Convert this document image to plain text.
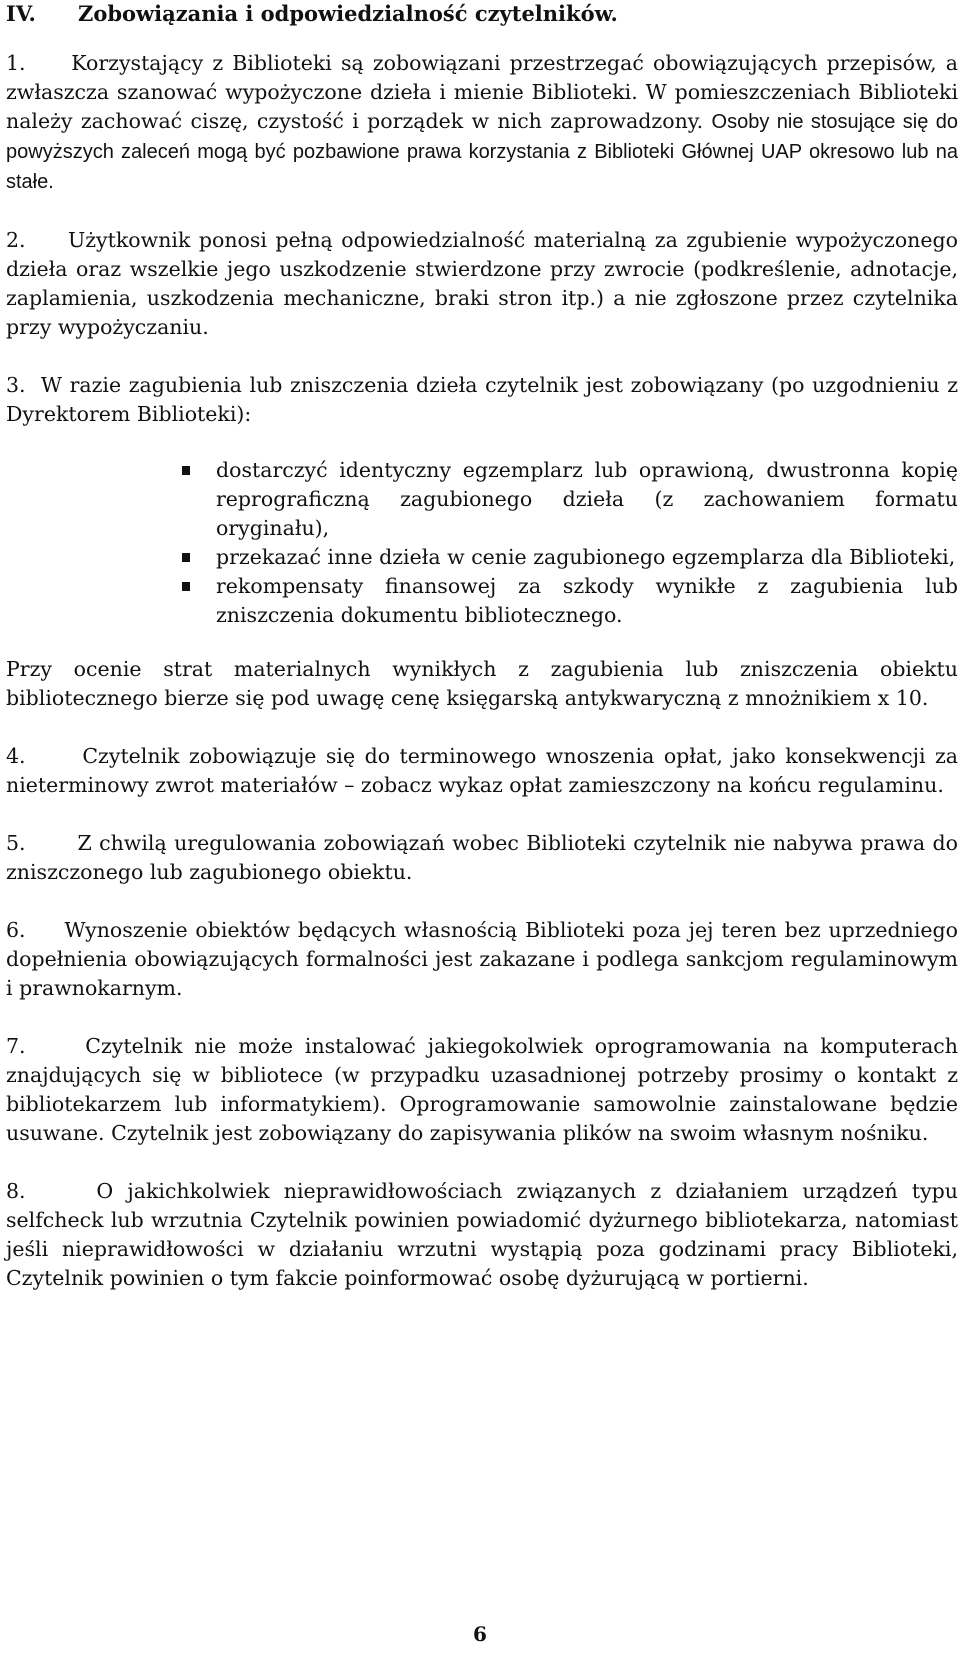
IV. Zobowiązania i odpowiedzialność czytelników.

1. Korzystający z Biblioteki są zobowiązani przestrzegać obowiązujących przepisów, a zwłaszcza szanować wypożyczone dzieła i mienie Biblioteki. W pomieszczeniach Biblioteki należy zachować ciszę, czystość i porządek w nich zaprowadzony. Osoby nie stosujące się do powyższych zaleceń mogą być pozbawione prawa korzystania z Biblioteki Głównej UAP okresowo lub na stałe.

2. Użytkownik ponosi pełną odpowiedzialność materialną za zgubienie wypożyczonego dzieła oraz wszelkie jego uszkodzenie stwierdzone przy zwrocie (podkreślenie, adnotacje, zaplamienia, uszkodzenia mechaniczne, braki stron itp.) a nie zgłoszone przez czytelnika przy wypożyczaniu.

3. W razie zagubienia lub zniszczenia dzieła czytelnik jest zobowiązany (po uzgodnieniu z Dyrektorem Biblioteki):

dostarczyć identyczny egzemplarz lub oprawioną, dwustronna kopię reprograficzną zagubionego dzieła (z zachowaniem formatu oryginału),
przekazać inne dzieła w cenie zagubionego egzemplarza dla Biblioteki,
rekompensaty finansowej za szkody wynikłe z zagubienia lub zniszczenia dokumentu bibliotecznego.

Przy ocenie strat materialnych wynikłych z zagubienia lub zniszczenia obiektu bibliotecznego bierze się pod uwagę cenę księgarską antykwaryczną z mnożnikiem x 10.

4.	Czytelnik zobowiązuje się do terminowego wnoszenia opłat, jako konsekwencji za nieterminowy zwrot materiałów – zobacz wykaz opłat zamieszczony na końcu regulaminu.

5.	Z chwilą uregulowania zobowiązań wobec Biblioteki czytelnik nie nabywa prawa do zniszczonego lub zagubionego obiektu.

6. Wynoszenie obiektów będących własnością Biblioteki poza jej teren bez uprzedniego dopełnienia obowiązujących formalności jest zakazane i podlega sankcjom regulaminowym i prawnokarnym.

7.	Czytelnik nie może instalować jakiegokolwiek oprogramowania na komputerach znajdujących się w bibliotece (w przypadku uzasadnionej potrzeby prosimy o kontakt z bibliotekarzem lub informatykiem). Oprogramowanie samowolnie zainstalowane będzie usuwane. Czytelnik jest zobowiązany do zapisywania plików na swoim własnym nośniku.

8.	O jakichkolwiek nieprawidłowościach związanych z działaniem urządzeń typu selfcheck lub wrzutnia Czytelnik powinien powiadomić dyżurnego bibliotekarza, natomiast jeśli nieprawidłowości w działaniu wrzutni wystąpią poza godzinami pracy Biblioteki, Czytelnik powinien o tym fakcie poinformować osobę dyżurującą w portierni.

6
